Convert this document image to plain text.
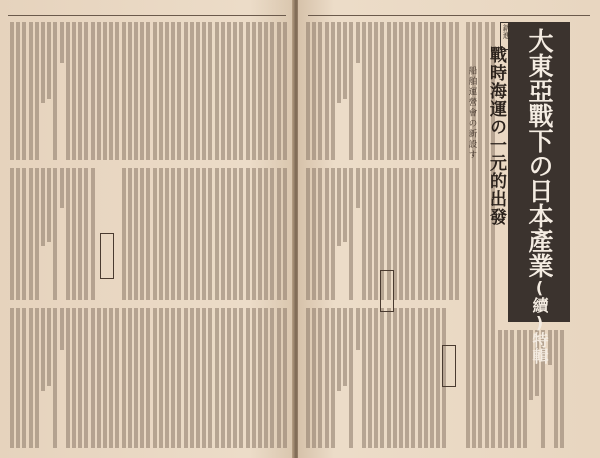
大東亞戰下の日本產業(續)特輯
新進
戰時海運の一元的出發
船舶運營會の新設す
